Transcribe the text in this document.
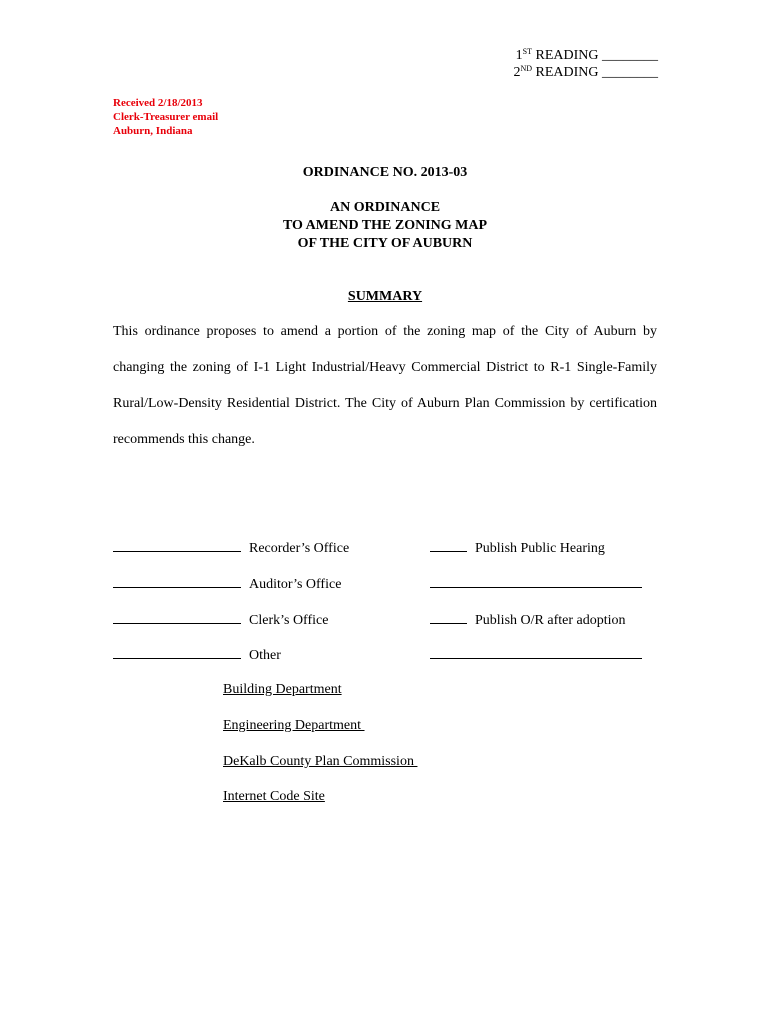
1ST READING ________
2ND READING ________
Received 2/18/2013
Clerk-Treasurer email
Auburn, Indiana
ORDINANCE NO. 2013-03
AN ORDINANCE
TO AMEND THE ZONING MAP
OF THE CITY OF AUBURN
SUMMARY

This ordinance proposes to amend a portion of the zoning map of the City of Auburn by changing the zoning of I-1 Light Industrial/Heavy Commercial District to R-1 Single-Family Rural/Low-Density Residential District. The City of Auburn Plan Commission by certification recommends this change.

Recorder’s Office
Auditor’s Office
Clerk’s Office
Other
Publish Public Hearing
Publish O/R after adoption
Building Department
Engineering Department
DeKalb County Plan Commission
Internet Code Site
